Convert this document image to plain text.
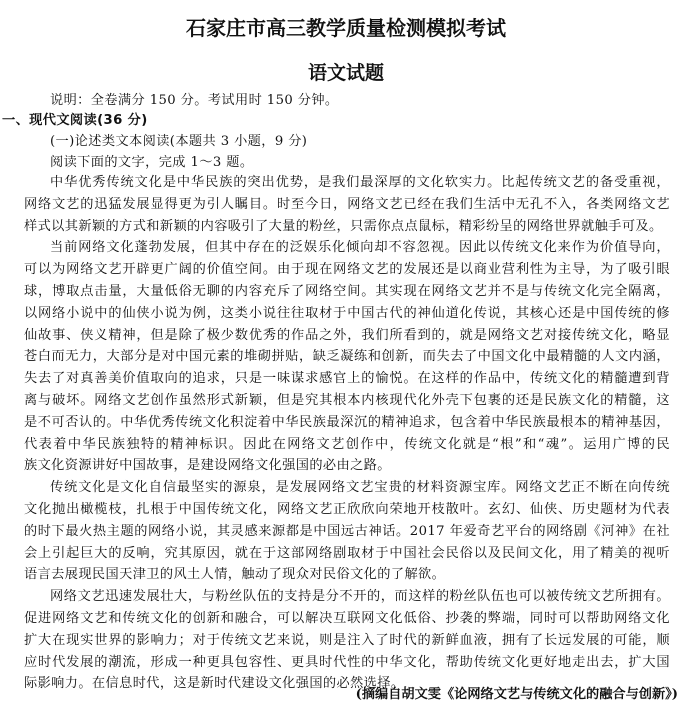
石家庄市高三教学质量检测模拟考试
语文试题
说明：全卷满分 150 分。考试用时 150 分钟。
一、现代文阅读(36 分)
(一)论述类文本阅读(本题共 3 小题，9 分)
阅读下面的文字，完成 1～3 题。
中华优秀传统文化是中华民族的突出优势，是我们最深厚的文化软实力。比起传统文艺的备受重视，
网络文艺的迅猛发展显得更为引人瞩目。时至今日，网络文艺已经在我们生活中无孔不入，各类网络文艺
样式以其新颖的方式和新颖的内容吸引了大量的粉丝，只需你点点鼠标，精彩纷呈的网络世界就触手可及。
当前网络文化蓬勃发展，但其中存在的泛娱乐化倾向却不容忽视。因此以传统文化来作为价值导向，
可以为网络文艺开辟更广阔的价值空间。由于现在网络文艺的发展还是以商业营利性为主导，为了吸引眼
球，博取点击量，大量低俗无聊的内容充斥了网络空间。其实现在网络文艺并不是与传统文化完全隔离，
以网络小说中的仙侠小说为例，这类小说往往取材于中国古代的神仙道化传说，其核心还是中国传统的修
仙故事、侠义精神，但是除了极少数优秀的作品之外，我们所看到的，就是网络文艺对接传统文化，略显
苍白而无力，大部分是对中国元素的堆砌拼贴，缺乏凝练和创新，而失去了中国文化中最精髓的人文内涵，
失去了对真善美价值取向的追求，只是一味谋求感官上的愉悦。在这样的作品中，传统文化的精髓遭到背
离与破坏。网络文艺创作虽然形式新颖，但是究其根本内核现代化外壳下包裹的还是民族文化的精髓，这
是不可否认的。中华优秀传统文化积淀着中华民族最深沉的精神追求，包含着中华民族最根本的精神基因，
代表着中华民族独特的精神标识。因此在网络文艺创作中，传统文化就是“根”和“魂”。运用广博的民
族文化资源讲好中国故事，是建设网络文化强国的必由之路。
传统文化是文化自信最坚实的源泉，是发展网络文艺宝贵的材料资源宝库。网络文艺正不断在向传统
文化抛出橄榄枝，扎根于中国传统文化，网络文艺正欣欣向荣地开枝散叶。玄幻、仙侠、历史题材为代表
的时下最火热主题的网络小说，其灵感来源都是中国远古神话。2017 年爱奇艺平台的网络剧《河神》在社
会上引起巨大的反响，究其原因，就在于这部网络剧取材于中国社会民俗以及民间文化，用了精美的视听
语言去展现民国天津卫的风土人情，触动了现众对民俗文化的了解欲。
网络文艺迅速发展壮大，与粉丝队伍的支持是分不开的，而这样的粉丝队伍也可以被传统文艺所拥有。
促进网络文艺和传统文化的创新和融合，可以解决互联网文化低俗、抄袭的弊端，同时可以帮助网络文化
扩大在现实世界的影响力；对于传统文艺来说，则是注入了时代的新鲜血液，拥有了长远发展的可能，顺
应时代发展的潮流，形成一种更具包容性、更具时代性的中华文化，帮助传统文化更好地走出去，扩大国
际影响力。在信息时代，这是新时代建设文化强国的必然选择。
(摘编自胡文雯《论网络文艺与传统文化的融合与创新》)
